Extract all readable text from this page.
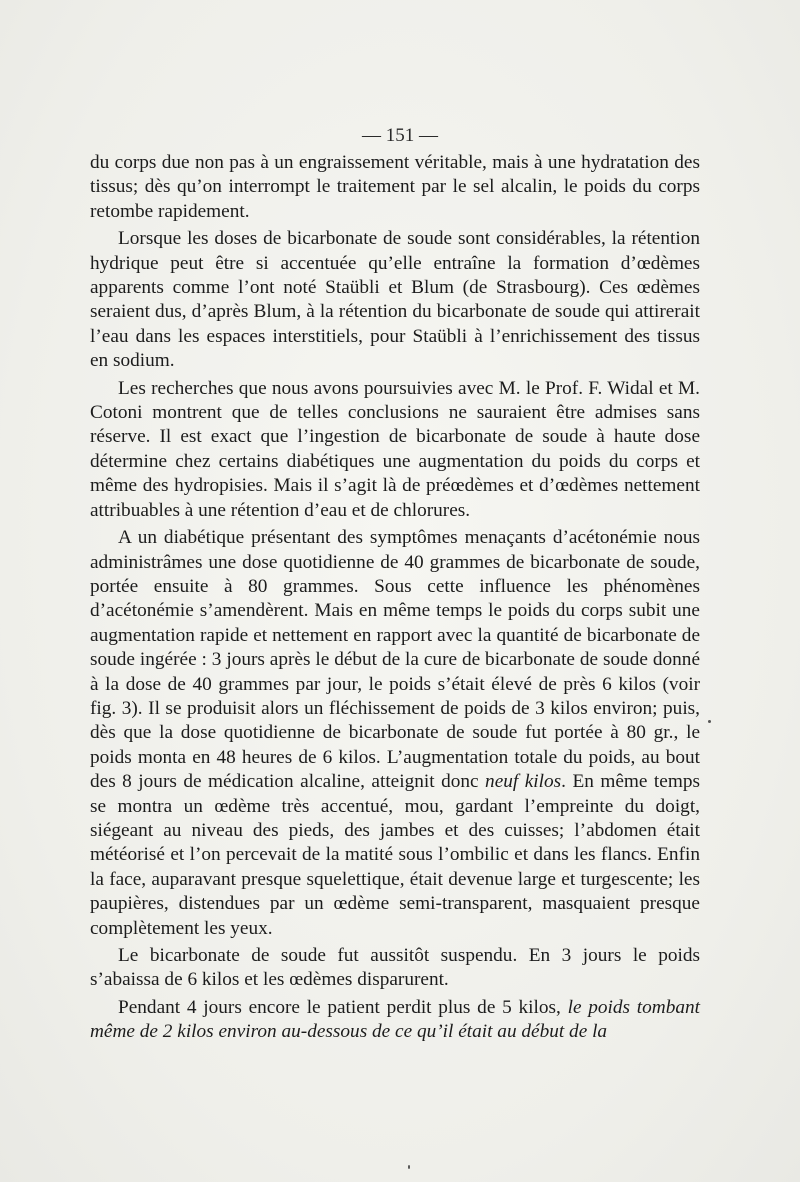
— 151 —

du corps due non pas à un engraissement véritable, mais à une hydratation des tissus; dès qu’on interrompt le traitement par le sel alcalin, le poids du corps retombe rapidement.

Lorsque les doses de bicarbonate de soude sont considérables, la rétention hydrique peut être si accentuée qu’elle entraîne la formation d’œdèmes apparents comme l’ont noté Staübli et Blum (de Strasbourg). Ces œdèmes seraient dus, d’après Blum, à la rétention du bicarbonate de soude qui attirerait l’eau dans les espaces interstitiels, pour Staübli à l’enrichissement des tissus en sodium.

Les recherches que nous avons poursuivies avec M. le Prof. F. Widal et M. Cotoni montrent que de telles conclusions ne sauraient être admises sans réserve. Il est exact que l’ingestion de bicarbonate de soude à haute dose détermine chez certains diabétiques une augmentation du poids du corps et même des hydropisies. Mais il s’agit là de préœdèmes et d’œdèmes nettement attribuables à une rétention d’eau et de chlorures.

A un diabétique présentant des symptômes menaçants d’acétonémie nous administrâmes une dose quotidienne de 40 grammes de bicarbonate de soude, portée ensuite à 80 grammes. Sous cette influence les phénomènes d’acétonémie s’amendèrent. Mais en même temps le poids du corps subit une augmentation rapide et nettement en rapport avec la quantité de bicarbonate de soude ingérée : 3 jours après le début de la cure de bicarbonate de soude donné à la dose de 40 grammes par jour, le poids s’était élevé de près 6 kilos (voir fig. 3). Il se produisit alors un fléchissement de poids de 3 kilos environ; puis, dès que la dose quotidienne de bicarbonate de soude fut portée à 80 gr., le poids monta en 48 heures de 6 kilos. L’augmentation totale du poids, au bout des 8 jours de médication alcaline, atteignit donc neuf kilos. En même temps se montra un œdème très accentué, mou, gardant l’empreinte du doigt, siégeant au niveau des pieds, des jambes et des cuisses; l’abdomen était météorisé et l’on percevait de la matité sous l’ombilic et dans les flancs. Enfin la face, auparavant presque squelettique, était devenue large et turgescente; les paupières, distendues par un œdème semi-transparent, masquaient presque complètement les yeux.

Le bicarbonate de soude fut aussitôt suspendu. En 3 jours le poids s’abaissa de 6 kilos et les œdèmes disparurent.

Pendant 4 jours encore le patient perdit plus de 5 kilos, le poids tombant même de 2 kilos environ au-dessous de ce qu’il était au début de la
